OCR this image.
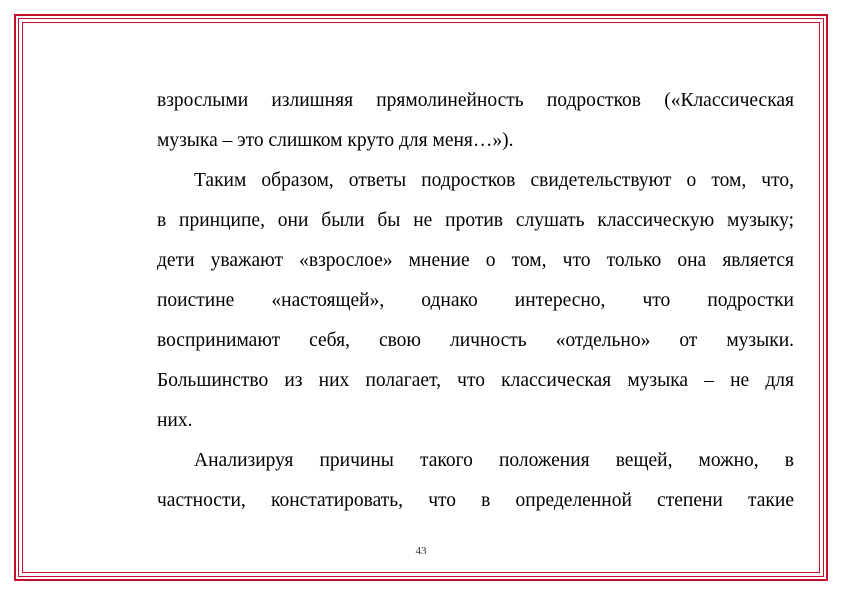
взрослыми излишняя прямолинейность подростков («Классическая
музыка – это слишком круто для меня…»).
Таким образом, ответы подростков свидетельствуют о том, что,
в принципе, они были бы не против слушать классическую музыку;
дети уважают «взрослое» мнение о том, что только она является
поистине «настоящей», однако интересно, что подростки
воспринимают себя, свою личность «отдельно» от музыки.
Большинство из них полагает, что классическая музыка – не для
них.
Анализируя причины такого положения вещей, можно, в
частности, констатировать, что в определенной степени такие
43
